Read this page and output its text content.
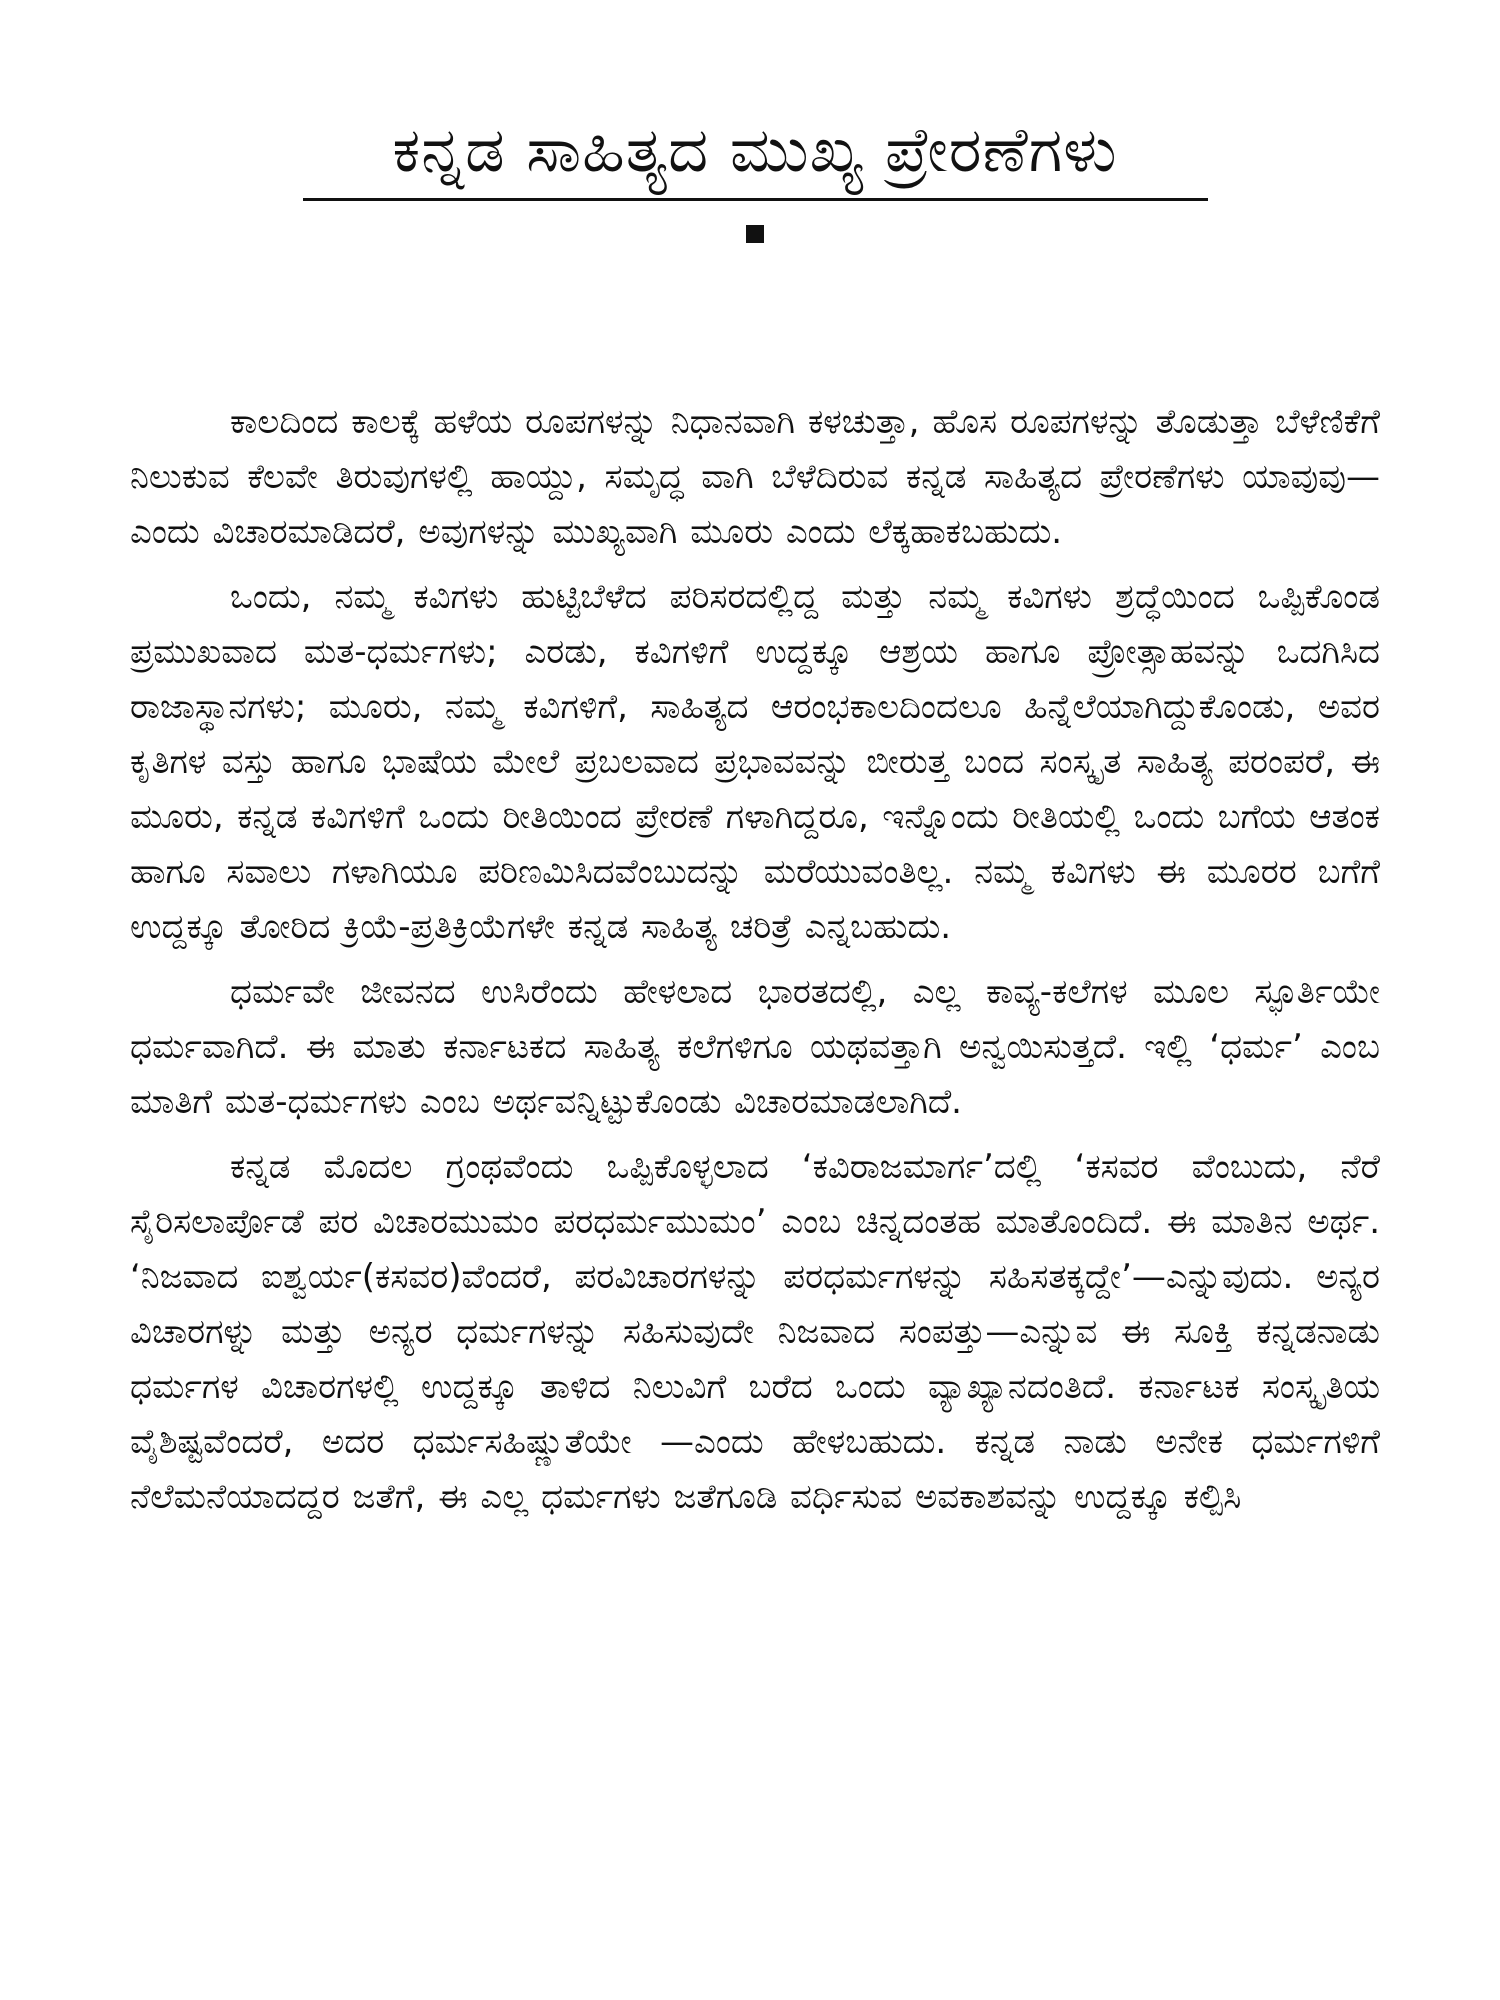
ಕನ್ನಡ ಸಾಹಿತ್ಯದ ಮುಖ್ಯ ಪ್ರೇರಣೆಗಳು

ಕಾಲದಿಂದ ಕಾಲಕ್ಕೆ ಹಳೆಯ ರೂಪಗಳನ್ನು ನಿಧಾನವಾಗಿ ಕಳಚುತ್ತಾ, ಹೊಸ ರೂಪಗಳನ್ನು ತೊಡುತ್ತಾ ಬೆಳೆಣಿಕೆಗೆ ನಿಲುಕುವ ಕೆಲವೇ ತಿರುವುಗಳಲ್ಲಿ ಹಾಯ್ದು, ಸಮೃದ್ಧ ವಾಗಿ ಬೆಳೆದಿರುವ ಕನ್ನಡ ಸಾಹಿತ್ಯದ ಪ್ರೇರಣೆಗಳು ಯಾವುವು—ಎಂದು ವಿಚಾರಮಾಡಿದರೆ, ಅವುಗಳನ್ನು ಮುಖ್ಯವಾಗಿ ಮೂರು ಎಂದು ಲೆಕ್ಕಹಾಕಬಹುದು.

ಒಂದು, ನಮ್ಮ ಕವಿಗಳು ಹುಟ್ಟಿಬೆಳೆದ ಪರಿಸರದಲ್ಲಿದ್ದ ಮತ್ತು ನಮ್ಮ ಕವಿಗಳು ಶ್ರದ್ಧೆಯಿಂದ ಒಪ್ಪಿಕೊಂಡ ಪ್ರಮುಖವಾದ ಮತ-ಧರ್ಮಗಳು; ಎರಡು, ಕವಿಗಳಿಗೆ ಉದ್ದಕ್ಕೂ ಆಶ್ರಯ ಹಾಗೂ ಪ್ರೋತ್ಸಾಹವನ್ನು ಒದಗಿಸಿದ ರಾಜಾಸ್ಥಾನಗಳು; ಮೂರು, ನಮ್ಮ ಕವಿಗಳಿಗೆ, ಸಾಹಿತ್ಯದ ಆರಂಭಕಾಲದಿಂದಲೂ ಹಿನ್ನೆಲೆಯಾಗಿದ್ದುಕೊಂಡು, ಅವರ ಕೃತಿಗಳ ವಸ್ತು ಹಾಗೂ ಭಾಷೆಯ ಮೇಲೆ ಪ್ರಬಲವಾದ ಪ್ರಭಾವವನ್ನು ಬೀರುತ್ತ ಬಂದ ಸಂಸ್ಕೃತ ಸಾಹಿತ್ಯ ಪರಂಪರೆ, ಈ ಮೂರು, ಕನ್ನಡ ಕವಿಗಳಿಗೆ ಒಂದು ರೀತಿಯಿಂದ ಪ್ರೇರಣೆ ಗಳಾಗಿದ್ದರೂ, ಇನ್ನೊಂದು ರೀತಿಯಲ್ಲಿ ಒಂದು ಬಗೆಯ ಆತಂಕ ಹಾಗೂ ಸವಾಲು ಗಳಾಗಿಯೂ ಪರಿಣಮಿಸಿದವೆಂಬುದನ್ನು ಮರೆಯುವಂತಿಲ್ಲ. ನಮ್ಮ ಕವಿಗಳು ಈ ಮೂರರ ಬಗೆಗೆ ಉದ್ದಕ್ಕೂ ತೋರಿದ ಕ್ರಿಯೆ-ಪ್ರತಿಕ್ರಿಯೆಗಳೇ ಕನ್ನಡ ಸಾಹಿತ್ಯ ಚರಿತ್ರೆ ಎನ್ನಬಹುದು.

ಧರ್ಮವೇ ಜೀವನದ ಉಸಿರೆಂದು ಹೇಳಲಾದ ಭಾರತದಲ್ಲಿ, ಎಲ್ಲ ಕಾವ್ಯ-ಕಲೆಗಳ ಮೂಲ ಸ್ಫೂರ್ತಿಯೇ ಧರ್ಮವಾಗಿದೆ. ಈ ಮಾತು ಕರ್ನಾಟಕದ ಸಾಹಿತ್ಯ ಕಲೆಗಳಿಗೂ ಯಥವತ್ತಾಗಿ ಅನ್ವಯಿಸುತ್ತದೆ. ಇಲ್ಲಿ ‘ಧರ್ಮ’ ಎಂಬ ಮಾತಿಗೆ ಮತ-ಧರ್ಮಗಳು ಎಂಬ ಅರ್ಥವನ್ನಿಟ್ಟುಕೊಂಡು ವಿಚಾರಮಾಡಲಾಗಿದೆ.

ಕನ್ನಡ ಮೊದಲ ಗ್ರಂಥವೆಂದು ಒಪ್ಪಿಕೊಳ್ಳಲಾದ ‘ಕವಿರಾಜಮಾರ್ಗ’ದಲ್ಲಿ ‘ಕಸವರ ವೆಂಬುದು, ನೆರೆ ಸೈರಿಸಲಾರ್ಪೊಡೆ ಪರ ವಿಚಾರಮುಮಂ ಪರಧರ್ಮಮುಮಂ’ ಎಂಬ ಚಿನ್ನದಂತಹ ಮಾತೊಂದಿದೆ. ಈ ಮಾತಿನ ಅರ್ಥ. ‘ನಿಜವಾದ ಐಶ್ವರ್ಯ(ಕಸವರ)ವೆಂದರೆ, ಪರವಿಚಾರಗಳನ್ನು ಪರಧರ್ಮಗಳನ್ನು ಸಹಿಸತಕ್ಕದ್ದೇ’—ಎನ್ನುವುದು. ಅನ್ಯರ ವಿಚಾರಗಳ್ನು ಮತ್ತು ಅನ್ಯರ ಧರ್ಮಗಳನ್ನು ಸಹಿಸುವುದೇ ನಿಜವಾದ ಸಂಪತ್ತು—ಎನ್ನುವ ಈ ಸೂಕ್ತಿ ಕನ್ನಡನಾಡು ಧರ್ಮಗಳ ವಿಚಾರಗಳಲ್ಲಿ ಉದ್ದಕ್ಕೂ ತಾಳಿದ ನಿಲುವಿಗೆ ಬರೆದ ಒಂದು ವ್ಯಾಖ್ಯಾನದಂತಿದೆ. ಕರ್ನಾಟಕ ಸಂಸ್ಕೃತಿಯ ವೈಶಿಷ್ಟವೆಂದರೆ, ಅದರ ಧರ್ಮಸಹಿಷ್ಣುತೆಯೇ —ಎಂದು ಹೇಳಬಹುದು. ಕನ್ನಡ ನಾಡು ಅನೇಕ ಧರ್ಮಗಳಿಗೆ ನೆಲೆಮನೆಯಾದದ್ದರ ಜತೆಗೆ, ಈ ಎಲ್ಲ ಧರ್ಮಗಳು ಜತೆಗೂಡಿ ವರ್ಧಿಸುವ ಅವಕಾಶವನ್ನು ಉದ್ದಕ್ಕೂ ಕಲ್ಪಿಸಿ
